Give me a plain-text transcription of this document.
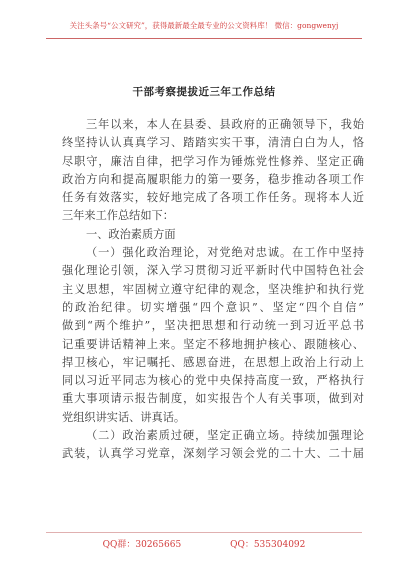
关注头条号“公文研究”，获得最新最全最专业的公文资料库！ 微信：gongwenyj
干部考察提拔近三年工作总结
三年以来，本人在县委、县政府的正确领导下，我始
终坚持认认真真学习、踏踏实实干事，清清白白为人，恪
尽职守，廉洁自律，把学习作为锤炼党性修养、坚定正确
政治方向和提高履职能力的第一要务，稳步推动各项工作
任务有效落实，较好地完成了各项工作任务。现将本人近
三年来工作总结如下：
一、政治素质方面
（一）强化政治理论，对党绝对忠诚。在工作中坚持
强化理论引领，深入学习贯彻习近平新时代中国特色社会
主义思想，牢固树立遵守纪律的观念，坚决维护和执行党
的政治纪律。切实增强“四个意识”、坚定“四个自信”
做到“两个维护”，坚决把思想和行动统一到习近平总书
记重要讲话精神上来。坚定不移地拥护核心、跟随核心、
捍卫核心，牢记嘱托、感恩奋进，在思想上政治上行动上
同以习近平同志为核心的党中央保持高度一致，严格执行
重大事项请示报告制度，如实报告个人有关事项，做到对
党组织讲实话、讲真话。
（二）政治素质过硬，坚定正确立场。持续加强理论
武装，认真学习党章，深刻学习领会党的二十大、二十届
QQ群：30265665	QQ：535304092
